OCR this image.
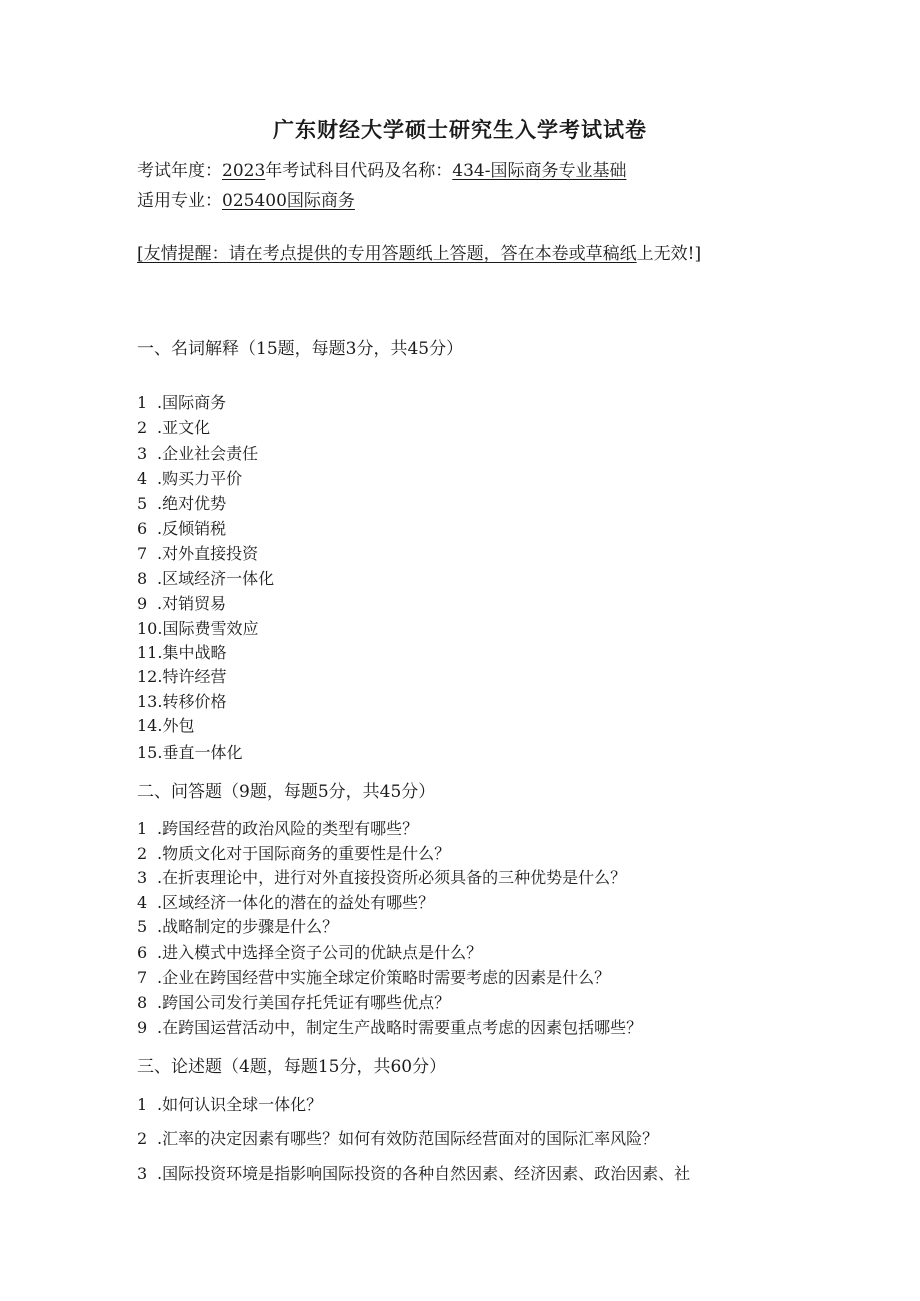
广东财经大学硕士研究生入学考试试卷
考试年度：2023年考试科目代码及名称：434-国际商务专业基础
适用专业：025400国际商务
[友情提醒：请在考点提供的专用答题纸上答题，答在本卷或草稿纸上无效!]
一、名词解释（15题，每题3分，共45分）
1 .国际商务
2 .亚文化
3 .企业社会责任
4 .购买力平价
5 .绝对优势
6 .反倾销税
7 .对外直接投资
8 .区域经济一体化
9 .对销贸易
10.国际费雪效应
11.集中战略
12.特许经营
13.转移价格
14.外包
15.垂直一体化
二、问答题（9题，每题5分，共45分）
1 .跨国经营的政治风险的类型有哪些？
2 .物质文化对于国际商务的重要性是什么？
3 .在折衷理论中，进行对外直接投资所必须具备的三种优势是什么？
4 .区域经济一体化的潜在的益处有哪些？
5 .战略制定的步骤是什么？
6 .进入模式中选择全资子公司的优缺点是什么？
7 .企业在跨国经营中实施全球定价策略时需要考虑的因素是什么？
8 .跨国公司发行美国存托凭证有哪些优点？
9 .在跨国运营活动中，制定生产战略时需要重点考虑的因素包括哪些？
三、论述题（4题，每题15分，共60分）
1 .如何认识全球一体化？
2 .汇率的决定因素有哪些？如何有效防范国际经营面对的国际汇率风险？
3 .国际投资环境是指影响国际投资的各种自然因素、经济因素、政治因素、社
